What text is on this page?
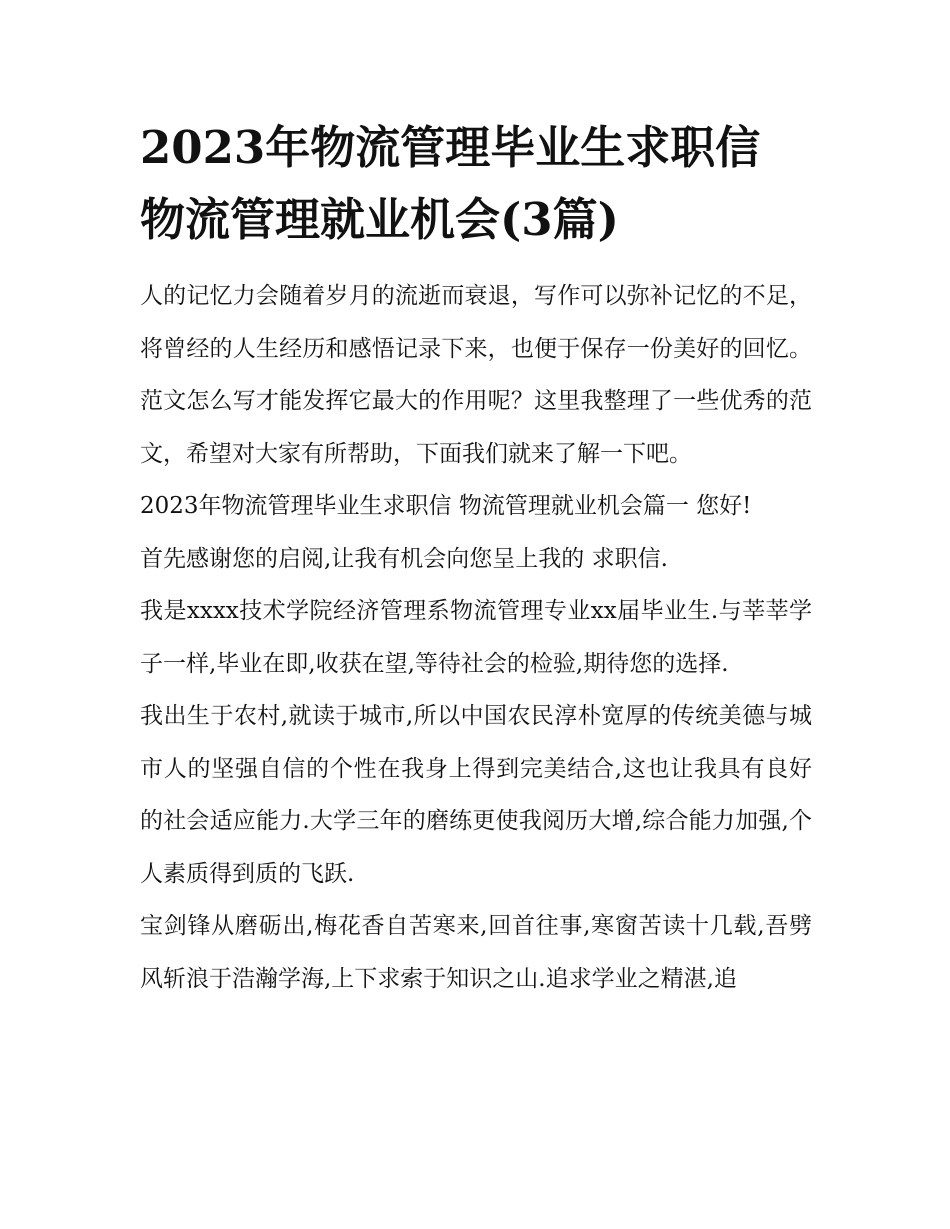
2023年物流管理毕业生求职信
物流管理就业机会(3篇)

人的记忆力会随着岁月的流逝而衰退，写作可以弥补记忆的不足，将曾经的人生经历和感悟记录下来，也便于保存一份美好的回忆。范文怎么写才能发挥它最大的作用呢？这里我整理了一些优秀的范文，希望对大家有所帮助，下面我们就来了解一下吧。

2023年物流管理毕业生求职信 物流管理就业机会篇一 您好!

首先感谢您的启阅,让我有机会向您呈上我的 求职信.

我是xxxx技术学院经济管理系物流管理专业xx届毕业生.与莘莘学子一样,毕业在即,收获在望,等待社会的检验,期待您的选择.

我出生于农村,就读于城市,所以中国农民淳朴宽厚的传统美德与城市人的坚强自信的个性在我身上得到完美结合,这也让我具有良好的社会适应能力.大学三年的磨练更使我阅历大增,综合能力加强,个人素质得到质的飞跃.

宝剑锋从磨砺出,梅花香自苦寒来,回首往事,寒窗苦读十几载,吾劈风斩浪于浩瀚学海,上下求索于知识之山.追求学业之精湛,追
